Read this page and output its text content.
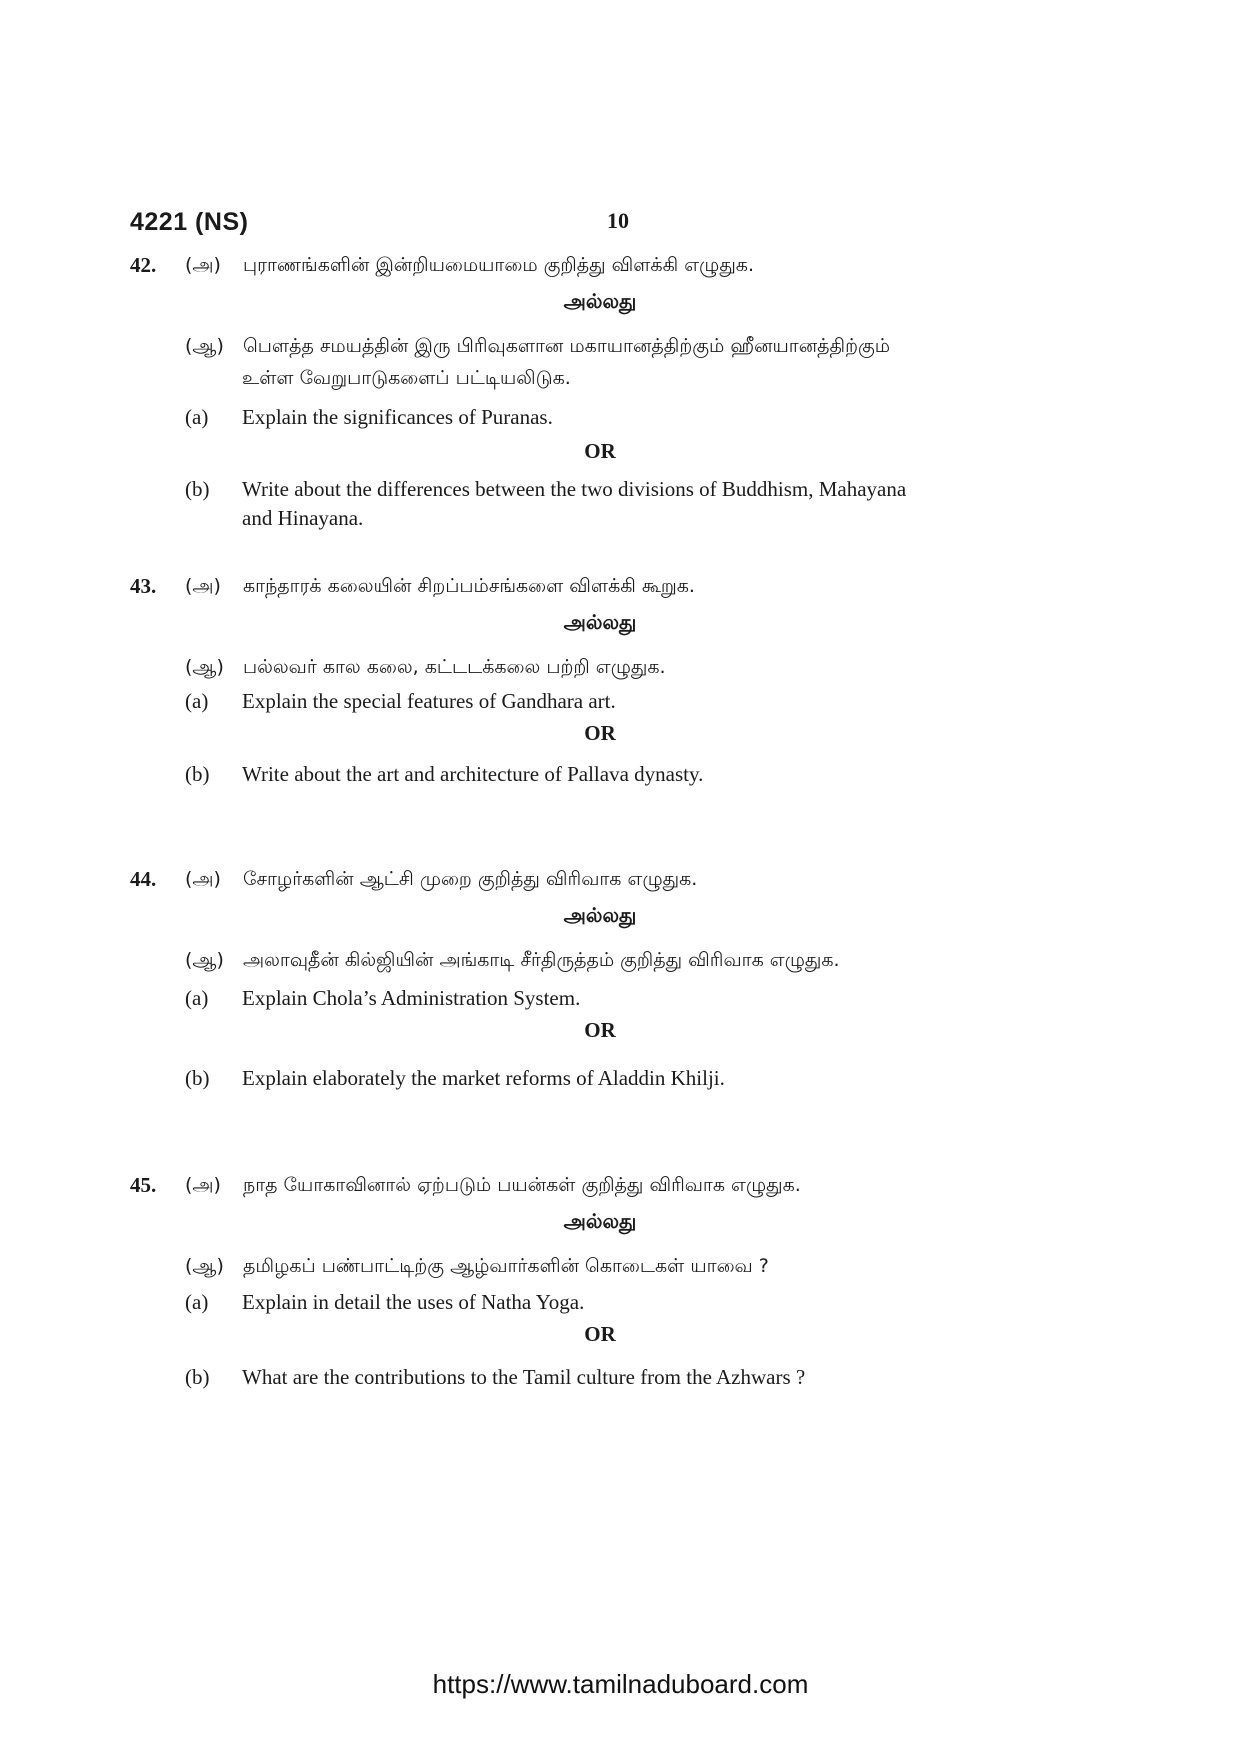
4221 (NS)	10
42. (அ) புராணங்களின் இன்றியமையாமை குறித்து விளக்கி எழுதுக.
அல்லது
(ஆ) பௌத்த சமயத்தின் இரு பிரிவுகளான மகாயானத்திற்கும் ஹீனயானத்திற்கும்
உள்ள வேறுபாடுகளைப் பட்டியலிடுக.
(a) Explain the significances of Puranas.
OR
(b) Write about the differences between the two divisions of Buddhism, Mahayana
and Hinayana.
43. (அ) காந்தாரக் கலையின் சிறப்பம்சங்களை விளக்கி கூறுக.
அல்லது
(ஆ) பல்லவர் கால கலை, கட்டடக்கலை பற்றி எழுதுக.
(a) Explain the special features of Gandhara art.
OR
(b) Write about the art and architecture of Pallava dynasty.
44. (அ) சோழர்களின் ஆட்சி முறை குறித்து விரிவாக எழுதுக.
அல்லது
(ஆ) அலாவுதீன் கில்ஜியின் அங்காடி சீர்திருத்தம் குறித்து விரிவாக எழுதுக.
(a) Explain Chola’s Administration System.
OR
(b) Explain elaborately the market reforms of Aladdin Khilji.
45. (அ) நாத யோகாவினால் ஏற்படும் பயன்கள் குறித்து விரிவாக எழுதுக.
அல்லது
(ஆ) தமிழகப் பண்பாட்டிற்கு ஆழ்வார்களின் கொடைகள் யாவை ?
(a) Explain in detail the uses of Natha Yoga.
OR
(b) What are the contributions to the Tamil culture from the Azhwars ?
https://www.tamilnaduboard.com
